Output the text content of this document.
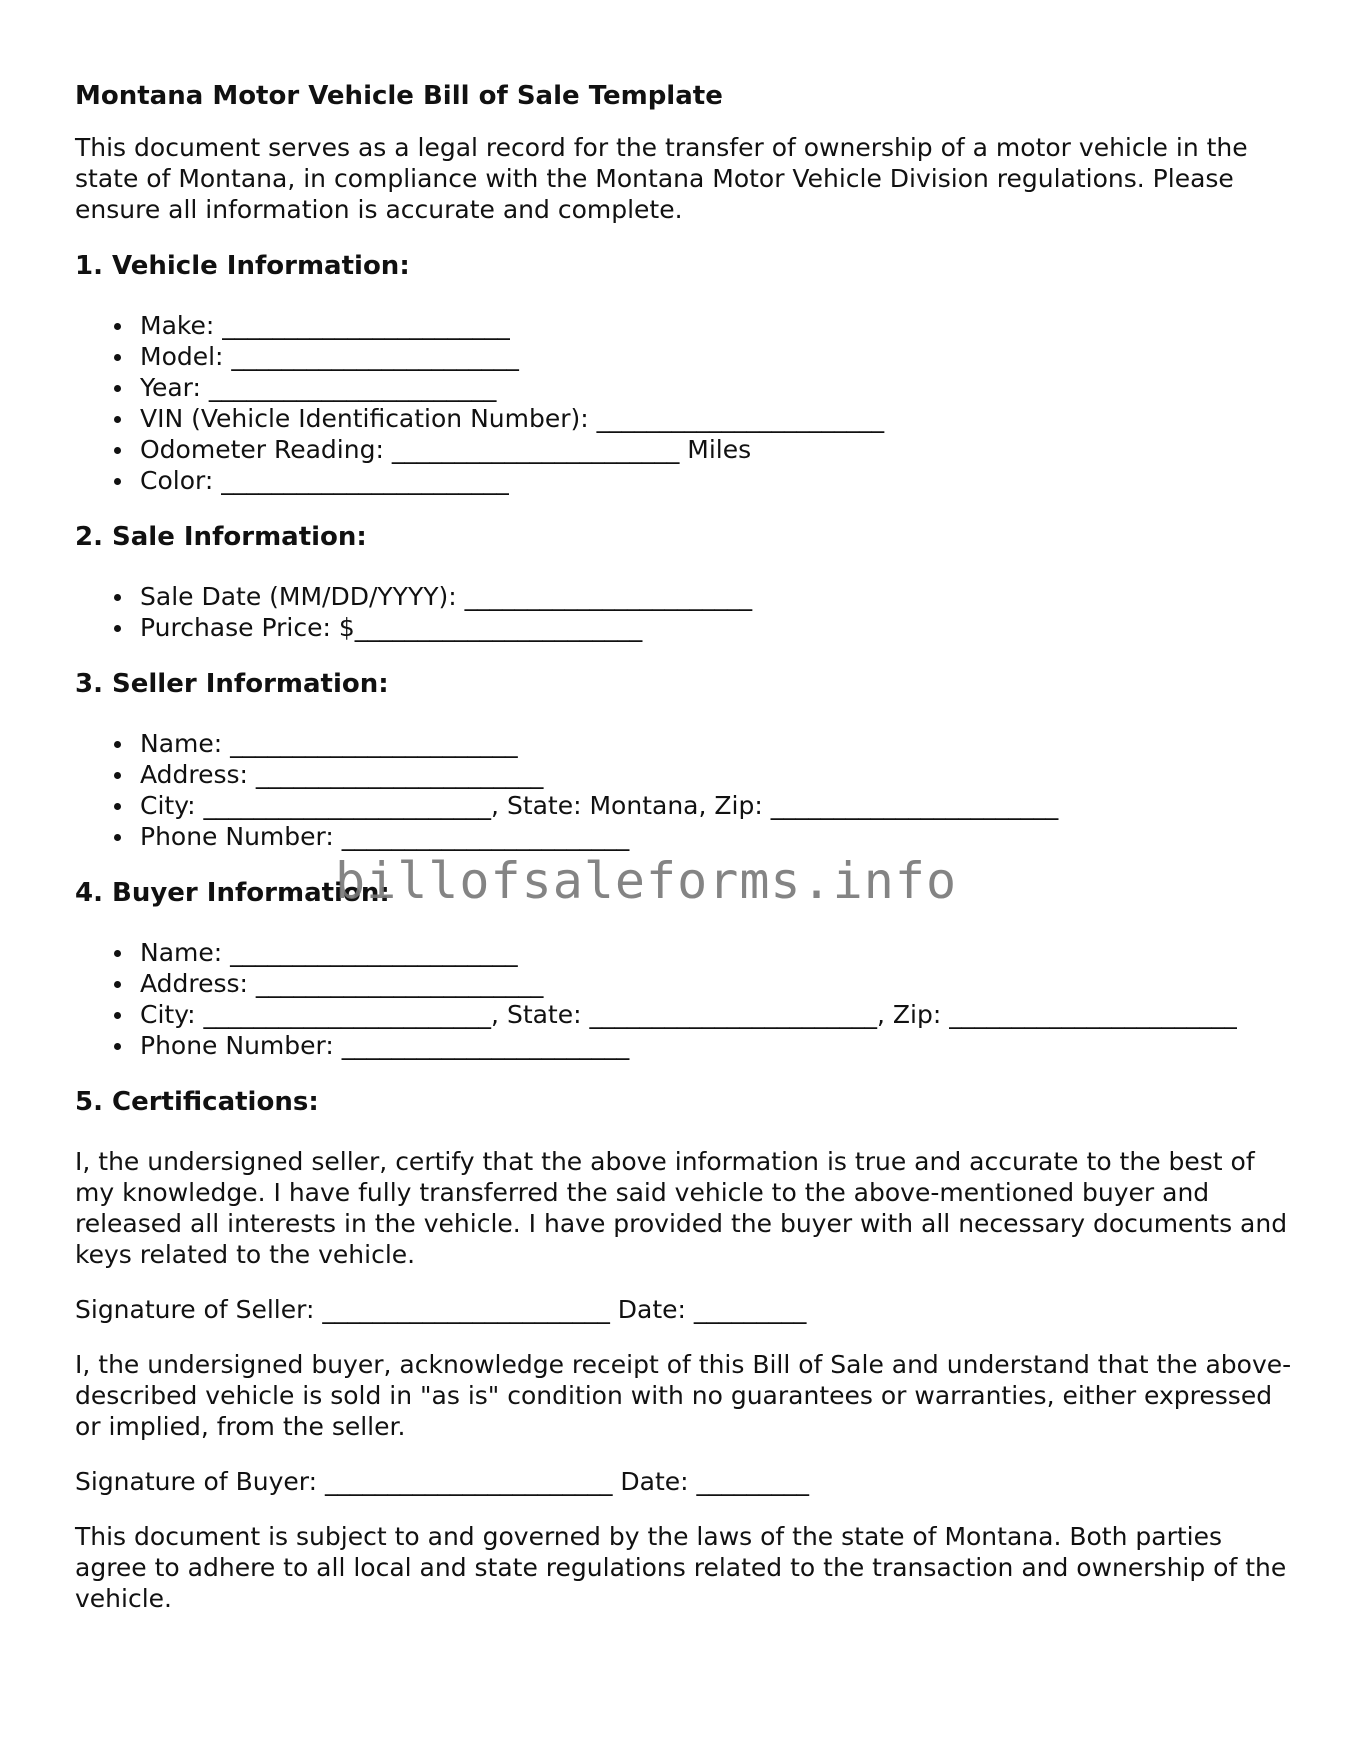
Montana Motor Vehicle Bill of Sale Template

This document serves as a legal record for the transfer of ownership of a motor vehicle in the state of Montana, in compliance with the Montana Motor Vehicle Division regulations. Please ensure all information is accurate and complete.

1. Vehicle Information:
Make: _______________________
Model: _______________________
Year: _______________________
VIN (Vehicle Identification Number): _______________________
Odometer Reading: _______________________ Miles
Color: _______________________
2. Sale Information:
Sale Date (MM/DD/YYYY): _______________________
Purchase Price: $_______________________
3. Seller Information:
Name: _______________________
Address: _______________________
City: _______________________, State: Montana, Zip: _______________________
Phone Number: _______________________
4. Buyer Information:
Name: _______________________
Address: _______________________
City: _______________________, State: _______________________, Zip: _______________________
Phone Number: _______________________
5. Certifications:

I, the undersigned seller, certify that the above information is true and accurate to the best of my knowledge. I have fully transferred the said vehicle to the above-mentioned buyer and released all interests in the vehicle. I have provided the buyer with all necessary documents and keys related to the vehicle.

Signature of Seller: _______________________ Date: _________

I, the undersigned buyer, acknowledge receipt of this Bill of Sale and understand that the above-described vehicle is sold in "as is" condition with no guarantees or warranties, either expressed or implied, from the seller.

Signature of Buyer: _______________________ Date: _________

This document is subject to and governed by the laws of the state of Montana. Both parties agree to adhere to all local and state regulations related to the transaction and ownership of the vehicle.

billofsaleforms.info
